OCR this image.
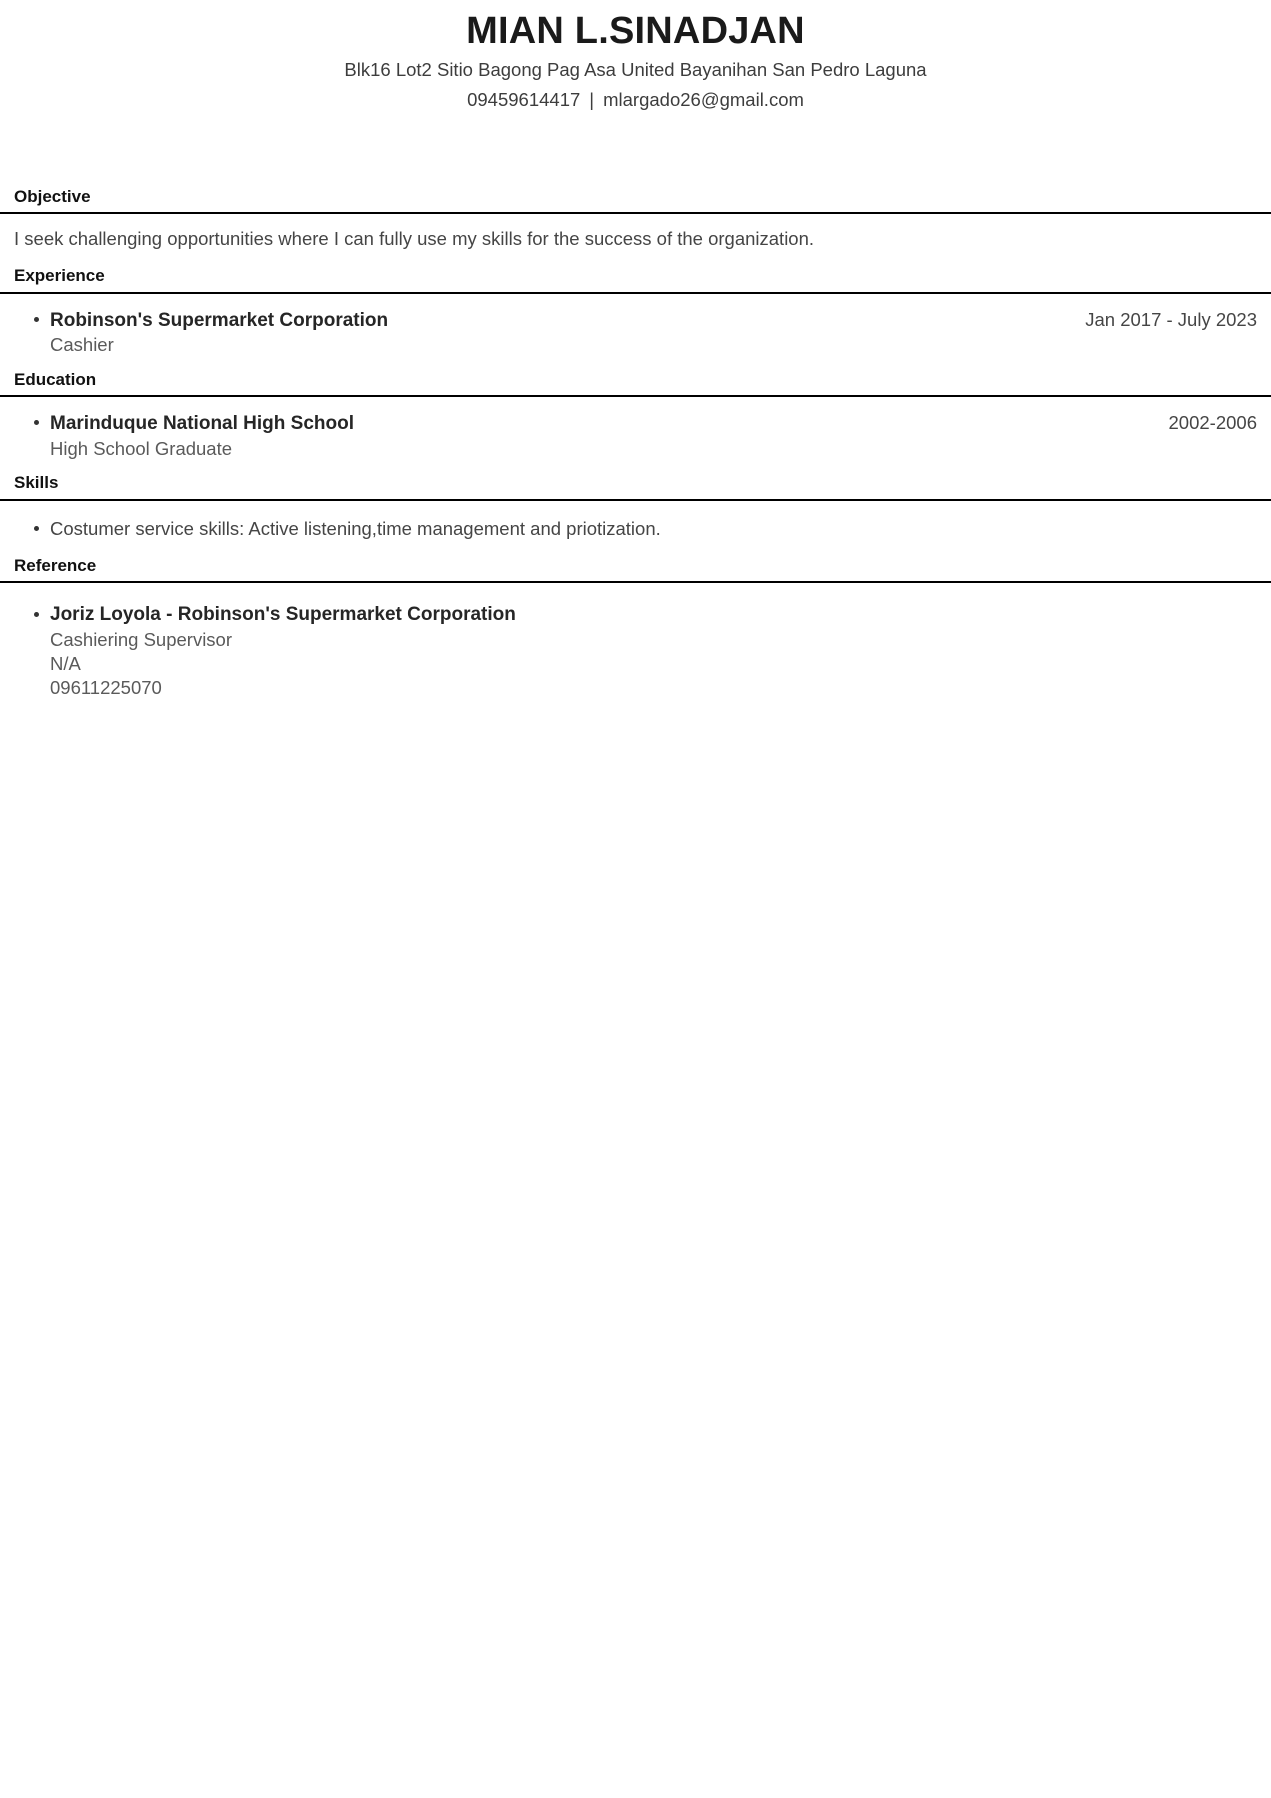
MIAN L.SINADJAN

Blk16 Lot2 Sitio Bagong Pag Asa United Bayanihan San Pedro Laguna

09459614417 | mlargado26@gmail.com

Objective

I seek challenging opportunities where I can fully use my skills for the success of the organization.

Experience
Robinson's Supermarket Corporation	Jan 2017 - July 2023
Cashier
Education
Marinduque National High School	2002-2006
High School Graduate
Skills
Costumer service skills: Active listening,time management and priotization.
Reference
Joriz Loyola - Robinson's Supermarket Corporation
Cashiering Supervisor
N/A
09611225070
